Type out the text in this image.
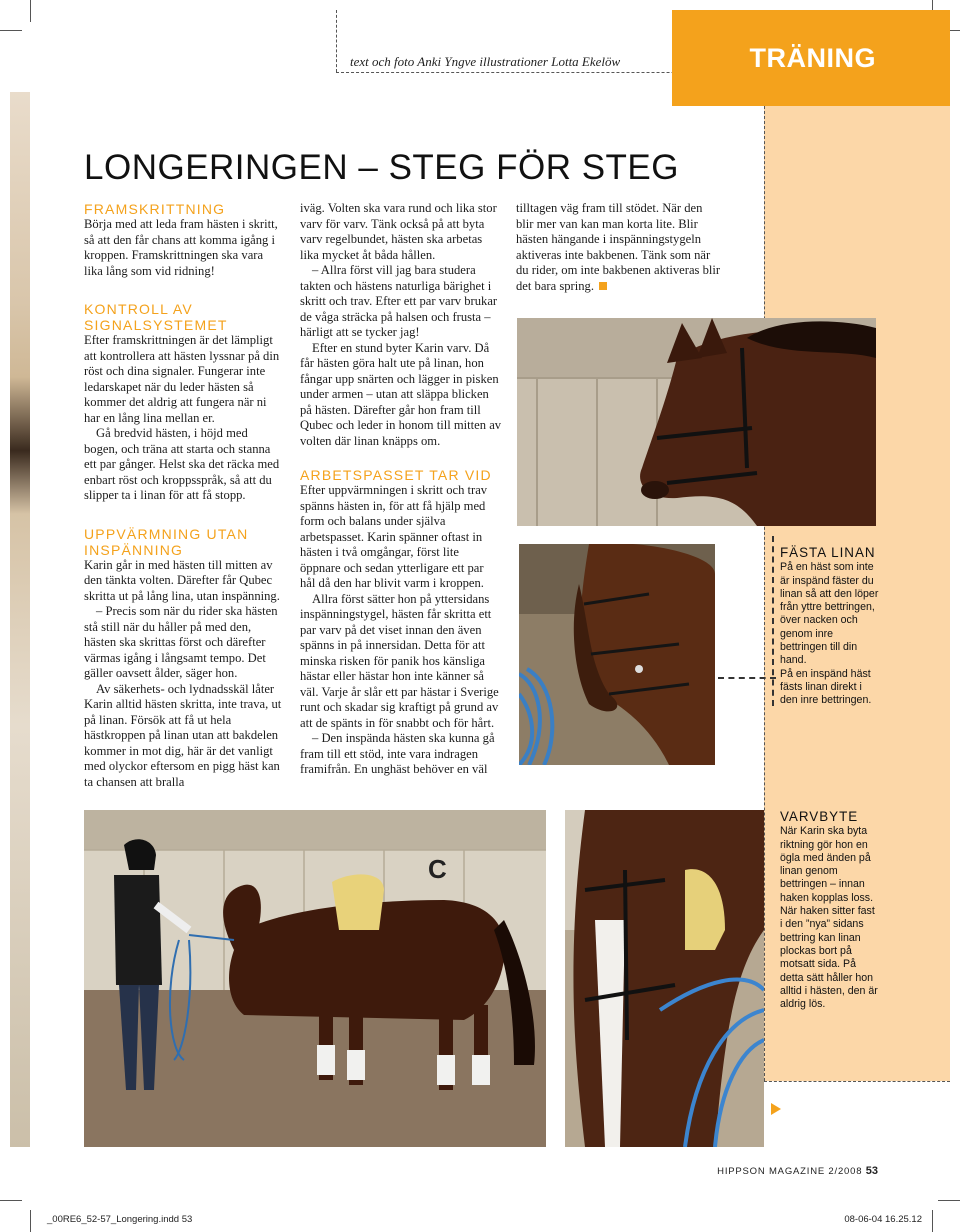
text och foto Anki Yngve illustrationer Lotta Ekelöw	TRÄNING
LONGERINGEN – STEG FÖR STEG
FRAMSKRITTNING

Börja med att leda fram hästen i skritt, så att den får chans att komma igång i kroppen. Framskrittningen ska vara lika lång som vid ridning!

KONTROLL AV SIGNALSYSTEMET

Efter framskrittningen är det lämpligt att kontrollera att hästen lyssnar på din röst och dina signaler. Fungerar inte ledarskapet när du leder hästen så kommer det aldrig att fungera när ni har en lång lina mellan er.

Gå bredvid hästen, i höjd med bogen, och träna att starta och stanna ett par gånger. Helst ska det räcka med enbart röst och kroppsspråk, så att du slipper ta i linan för att få stopp.

UPPVÄRMNING UTAN INSPÄNNING

Karin går in med hästen till mitten av den tänkta volten. Därefter får Qubec skritta ut på lång lina, utan inspänning.

– Precis som när du rider ska hästen stå still när du håller på med den, hästen ska skrittas först och därefter värmas igång i långsamt tempo. Det gäller oavsett ålder, säger hon.

Av säkerhets- och lydnadsskäl låter Karin alltid hästen skritta, inte trava, ut på linan. Försök att få ut hela hästkroppen på linan utan att bakdelen kommer in mot dig, här är det vanligt med olyckor eftersom en pigg häst kan ta chansen att bralla

iväg. Volten ska vara rund och lika stor varv för varv. Tänk också på att byta varv regelbundet, hästen ska arbetas lika mycket åt båda hållen.

– Allra först vill jag bara studera takten och hästens naturliga bärighet i skritt och trav. Efter ett par varv brukar de våga sträcka på halsen och frusta – härligt att se tycker jag!

Efter en stund byter Karin varv. Då får hästen göra halt ute på linan, hon fångar upp snärten och lägger in pisken under armen – utan att släppa blicken på hästen. Därefter går hon fram till Qubec och leder in honom till mitten av volten där linan knäpps om.

ARBETSPASSET TAR VID

Efter uppvärmningen i skritt och trav spänns hästen in, för att få hjälp med form och balans under själva arbetspasset. Karin spänner oftast in hästen i två omgångar, först lite öppnare och sedan ytterligare ett par hål då den har blivit varm i kroppen.

Allra först sätter hon på yttersidans inspänningstygel, hästen får skritta ett par varv på det viset innan den även spänns in på innersidan. Detta för att minska risken för panik hos känsliga hästar eller hästar hon inte känner så väl. Varje år slår ett par hästar i Sverige runt och skadar sig kraftigt på grund av att de spänts in för snabbt och för hårt.

– Den inspända hästen ska kunna gå fram till ett stöd, inte vara indragen framifrån. En unghäst behöver en väl

tilltagen väg fram till stödet. När den blir mer van kan man korta lite. Blir hästen hängande i inspänningstygeln aktiveras inte bakbenen. Tänk som när du rider, om inte bakbenen aktiveras blir det bara spring.

C
FÄSTA LINAN

På en häst som inte är inspänd fäster du linan så att den löper från yttre bettringen, över nacken och genom inre bettringen till din hand.

På en inspänd häst fästs linan direkt i den inre bettringen.

VARVBYTE

När Karin ska byta riktning gör hon en ögla med änden på linan genom bettringen – innan haken kopplas loss. När haken sitter fast i den ”nya” sidans bettring kan linan plockas bort på motsatt sida. På detta sätt håller hon alltid i hästen, den är aldrig lös.

HIPPSON MAGAZINE 2/2008 53
_00RE6_52-57_Longering.indd 53	08-06-04 16.25.12
